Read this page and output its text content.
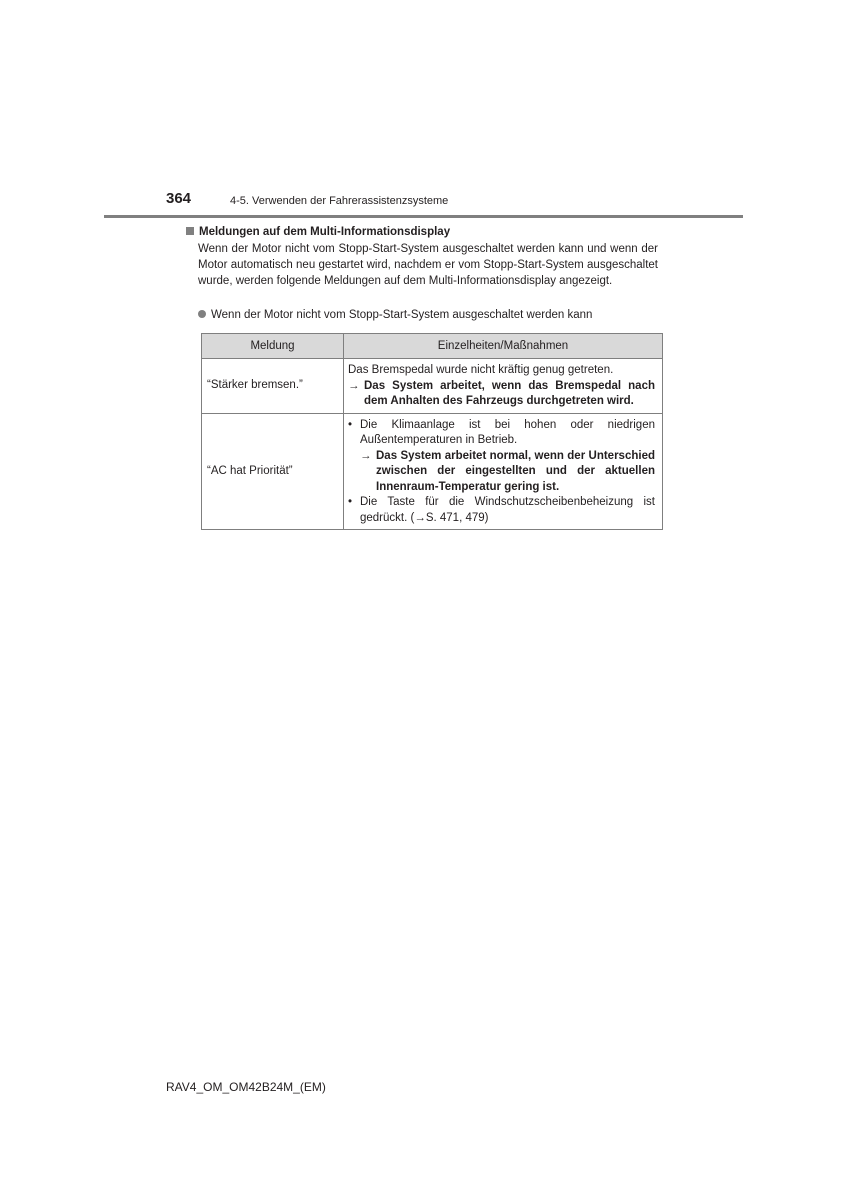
364	4-5. Verwenden der Fahrerassistenzsysteme
Meldungen auf dem Multi-Informationsdisplay
Wenn der Motor nicht vom Stopp-Start-System ausgeschaltet werden kann und wenn der Motor automatisch neu gestartet wird, nachdem er vom Stopp-Start-System ausgeschaltet wurde, werden folgende Meldungen auf dem Multi-Informationsdisplay angezeigt.
Wenn der Motor nicht vom Stopp-Start-System ausgeschaltet werden kann
Meldung	Einzelheiten/Maßnahmen
“Stärker bremsen.”	Das Bremspedal wurde nicht kräftig genug getreten.
→ Das System arbeitet, wenn das Bremspedal nach dem Anhalten des Fahrzeugs durchgetreten wird.

“AC hat Priorität”	• Die Klimaanlage ist bei hohen oder niedrigen Außentemperaturen in Betrieb.
→ Das System arbeitet normal, wenn der Unterschied zwischen der eingestellten und der aktuellen Innenraum-Temperatur gering ist.
• Die Taste für die Windschutzscheibenbeheizung ist gedrückt. (→S. 471, 479)
RAV4_OM_OM42B24M_(EM)
